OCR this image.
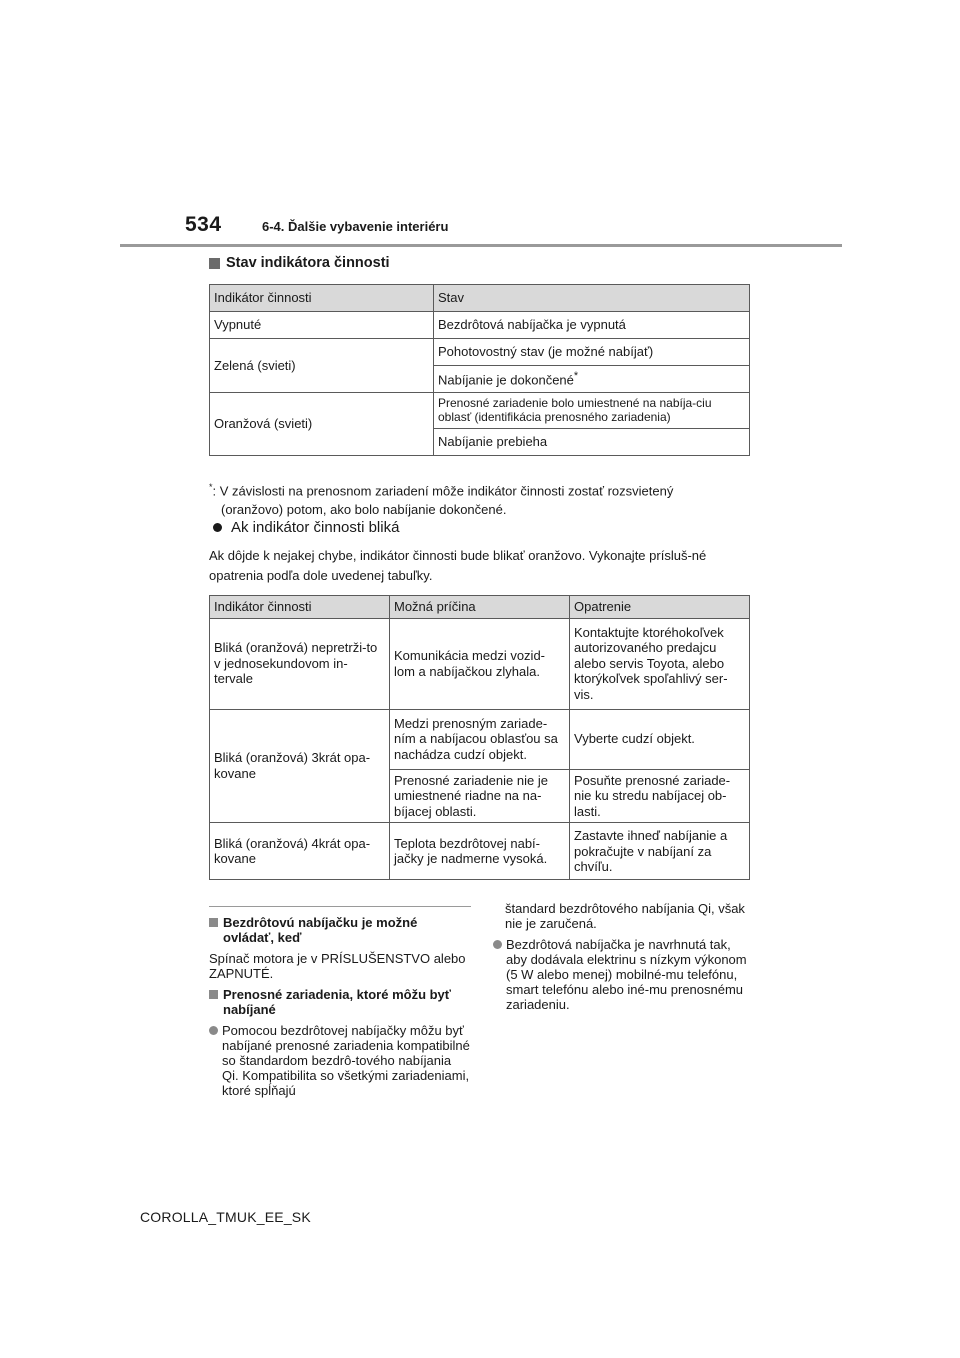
534	6-4. Ďalšie vybavenie interiéru
Stav indikátora činnosti
Indikátor činnosti	Stav
Vypnuté	Bezdrôtová nabíjačka je vypnutá
Zelená (svieti)	Pohotovostný stav (je možné nabíjať)
	Nabíjanie je dokončené*
Oranžová (svieti)	Prenosné zariadenie bolo umiestnené na nabíja-ciu oblasť (identifikácia prenosného zariadenia)
	Nabíjanie prebieha
*: V závislosti na prenosnom zariadení môže indikátor činnosti zostať rozsvietený
(oranžovo) potom, ako bolo nabíjanie dokončené.
Ak indikátor činnosti bliká
Ak dôjde k nejakej chybe, indikátor činnosti bude blikať oranžovo. Vykonajte prísluš-né opatrenia podľa dole uvedenej tabuľky.
Indikátor činnosti	Možná príčina	Opatrenie
Bliká (oranžová) nepretrži-to v jednosekundovom in-tervale	Komunikácia medzi vozid-lom a nabíjačkou zlyhala.	Kontaktujte ktoréhokoľvek autorizovaného predajcu alebo servis Toyota, alebo ktorýkoľvek spoľahlivý ser-vis.
Bliká (oranžová) 3krát opa-kovane	Medzi prenosným zariade-ním a nabíjacou oblasťou sa nachádza cudzí objekt.	Vyberte cudzí objekt.
	Prenosné zariadenie nie je umiestnené riadne na na-bíjacej oblasti.	Posuňte prenosné zariade-nie ku stredu nabíjacej ob-lasti.
Bliká (oranžová) 4krát opa-kovane	Teplota bezdrôtovej nabí-jačky je nadmerne vysoká.	Zastavte ihneď nabíjanie a pokračujte v nabíjaní za chvíľu.
Bezdrôtovú nabíjačku je možné ovládať, keď
Spínač motora je v PRÍSLUŠENSTVO alebo ZAPNUTÉ.
Prenosné zariadenia, ktoré môžu byť nabíjané
Pomocou bezdrôtovej nabíjačky môžu byť nabíjané prenosné zariadenia kompatibilné so štandardom bezdrô-tového nabíjania Qi. Kompatibilita so všetkými zariadeniami, ktoré spĺňajú
štandard bezdrôtového nabíjania Qi, však nie je zaručená.
Bezdrôtová nabíjačka je navrhnutá tak, aby dodávala elektrinu s nízkym výkonom (5 W alebo menej) mobilné-mu telefónu, smart telefónu alebo iné-mu prenosnému zariadeniu.
COROLLA_TMUK_EE_SK
